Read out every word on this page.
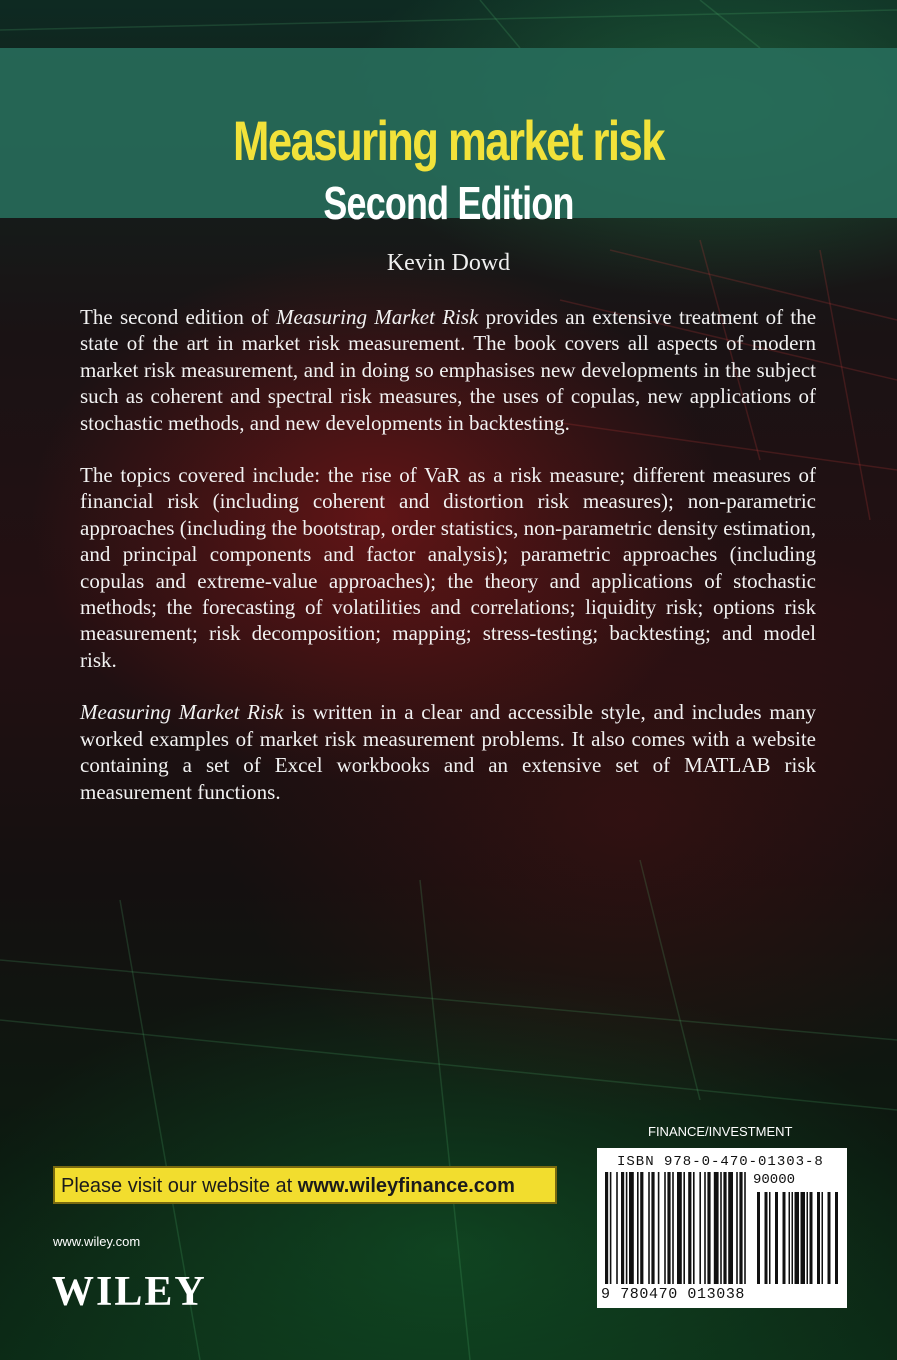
Measuring market risk
Second Edition
Kevin Dowd

The second edition of Measuring Market Risk provides an extensive treatment of the state of the art in market risk measurement. The book covers all aspects of modern market risk measurement, and in doing so emphasises new developments in the subject such as coherent and spectral risk measures, the uses of copulas, new applications of stochastic methods, and new developments in backtesting.

The topics covered include: the rise of VaR as a risk measure; different measures of financial risk (including coherent and distortion risk measures); non-parametric approaches (including the bootstrap, order statistics, non-parametric density estimation, and principal components and factor analysis); parametric approaches (including copulas and extreme-value approaches); the theory and applications of stochastic methods; the forecasting of volatilities and correlations; liquidity risk; options risk measurement; risk decomposition; mapping; stress-testing; backtesting; and model risk.

Measuring Market Risk is written in a clear and accessible style, and includes many worked examples of market risk measurement problems. It also comes with a website containing a set of Excel workbooks and an extensive set of MATLAB risk measurement functions.

Please visit our website at www.wileyfinance.com
www.wiley.com
WILEY
FINANCE/INVESTMENT
ISBN 978-0-470-01303-8
90000
9 780470 013038
